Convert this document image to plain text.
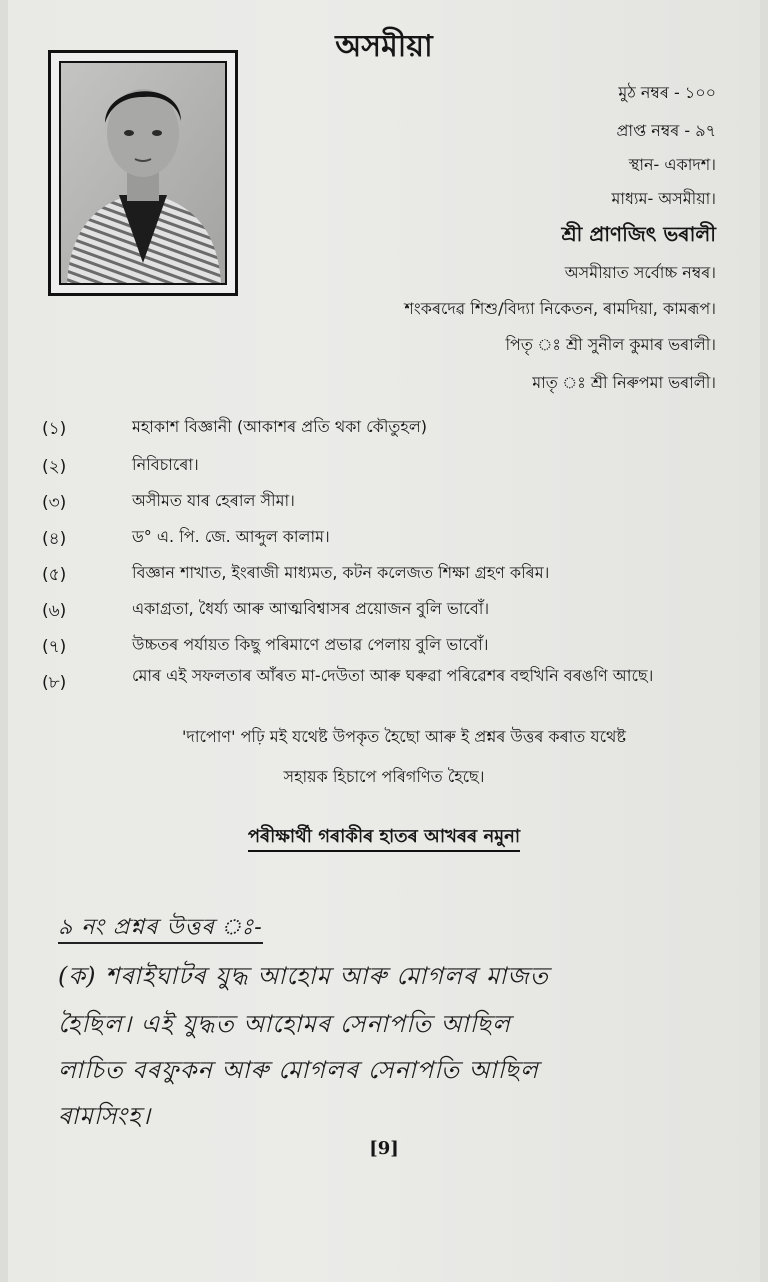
অসমীয়া
মুঠ নম্বৰ - ১০০
প্ৰাপ্ত নম্বৰ - ৯৭
স্থান- একাদশ।
মাধ্যম- অসমীয়া।
শ্ৰী প্ৰাণজিৎ ভৰালী
অসমীয়াত সৰ্বোচ্চ নম্বৰ।
শংকৰদেৱ শিশু/বিদ্যা নিকেতন, ৰামদিয়া, কামৰূপ।
পিতৃ ঃ শ্ৰী সুনীল কুমাৰ ভৰালী।
মাতৃ ঃ শ্ৰী নিৰুপমা ভৰালী।
(১)	মহাকাশ বিজ্ঞানী (আকাশৰ প্ৰতি থকা কৌতুহল)
(২)	নিবিচাৰো।
(৩)	অসীমত যাৰ হেৰাল সীমা।
(৪)	ড° এ. পি. জে. আব্দুল কালাম।
(৫)	বিজ্ঞান শাখাত, ইংৰাজী মাধ্যমত, কটন কলেজত শিক্ষা গ্ৰহণ কৰিম।
(৬)	একাগ্ৰতা, ধৈৰ্য্য আৰু আত্মবিশ্বাসৰ প্ৰয়োজন বুলি ভাবোঁ।
(৭)	উচ্চতৰ পৰ্যায়ত কিছু পৰিমাণে প্ৰভাৱ পেলায় বুলি ভাবোঁ।
(৮)	মোৰ এই সফলতাৰ আঁৰত মা-দেউতা আৰু ঘৰুৱা পৰিৱেশৰ বহুখিনি বৰঙণি আছে।
'দাপোণ' পঢ়ি মই যথেষ্ট উপকৃত হৈছো আৰু ই প্ৰশ্নৰ উত্তৰ কৰাত যথেষ্ট
সহায়ক হিচাপে পৰিগণিত হৈছে।
পৰীক্ষাৰ্থী গৰাকীৰ হাতৰ আখৰৰ নমুনা
৯ নং প্ৰশ্নৰ উত্তৰ ঃ-
(ক) শৰাইঘাটৰ যুদ্ধ আহোম আৰু মোগলৰ মাজত
হৈছিল। এই যুদ্ধত আহোমৰ সেনাপতি আছিল
লাচিত বৰফুকন আৰু মোগলৰ সেনাপতি আছিল
ৰামসিংহ।
[9]
